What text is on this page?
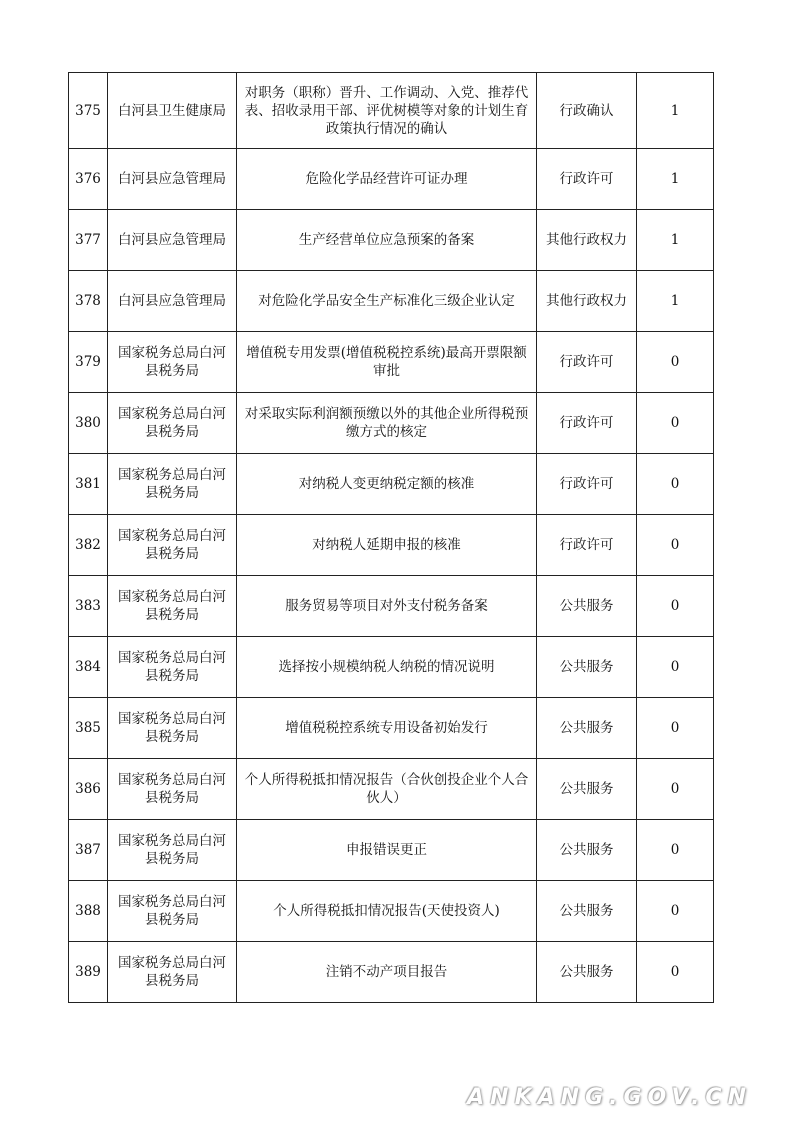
375	白河县卫生健康局	对职务（职称）晋升、工作调动、入党、推荐代表、招收录用干部、评优树模等对象的计划生育政策执行情况的确认	行政确认	1
376	白河县应急管理局	危险化学品经营许可证办理	行政许可	1
377	白河县应急管理局	生产经营单位应急预案的备案	其他行政权力	1
378	白河县应急管理局	对危险化学品安全生产标准化三级企业认定	其他行政权力	1
379	国家税务总局白河县税务局	增值税专用发票(增值税税控系统)最高开票限额审批	行政许可	0
380	国家税务总局白河县税务局	对采取实际利润额预缴以外的其他企业所得税预缴方式的核定	行政许可	0
381	国家税务总局白河县税务局	对纳税人变更纳税定额的核准	行政许可	0
382	国家税务总局白河县税务局	对纳税人延期申报的核准	行政许可	0
383	国家税务总局白河县税务局	服务贸易等项目对外支付税务备案	公共服务	0
384	国家税务总局白河县税务局	选择按小规模纳税人纳税的情况说明	公共服务	0
385	国家税务总局白河县税务局	增值税税控系统专用设备初始发行	公共服务	0
386	国家税务总局白河县税务局	个人所得税抵扣情况报告（合伙创投企业个人合伙人）	公共服务	0
387	国家税务总局白河县税务局	申报错误更正	公共服务	0
388	国家税务总局白河县税务局	个人所得税抵扣情况报告(天使投资人)	公共服务	0
389	国家税务总局白河县税务局	注销不动产项目报告	公共服务	0
ANKANG.GOV.CN
